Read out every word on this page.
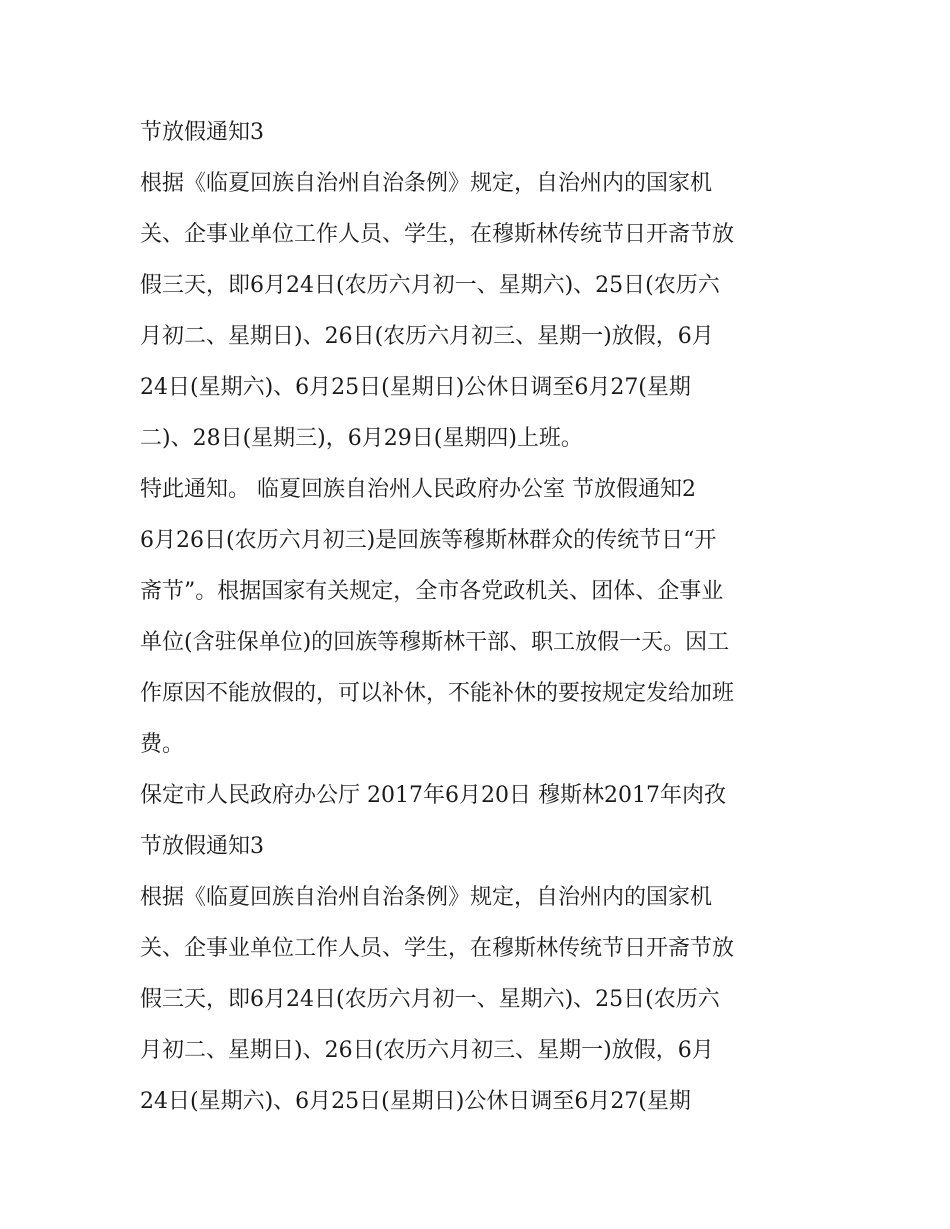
节放假通知3
根据《临夏回族自治州自治条例》规定，自治州内的国家机
关、企事业单位工作人员、学生，在穆斯林传统节日开斋节放
假三天，即6月24日(农历六月初一、星期六)、25日(农历六
月初二、星期日)、26日(农历六月初三、星期一)放假，6月
24日(星期六)、6月25日(星期日)公休日调至6月27(星期
二)、28日(星期三)，6月29日(星期四)上班。
特此通知。 临夏回族自治州人民政府办公室 节放假通知2
6月26日(农历六月初三)是回族等穆斯林群众的传统节日“开
斋节”。根据国家有关规定，全市各党政机关、团体、企事业
单位(含驻保单位)的回族等穆斯林干部、职工放假一天。因工
作原因不能放假的，可以补休，不能补休的要按规定发给加班
费。
保定市人民政府办公厅 2017年6月20日 穆斯林2017年肉孜
节放假通知3
根据《临夏回族自治州自治条例》规定，自治州内的国家机
关、企事业单位工作人员、学生，在穆斯林传统节日开斋节放
假三天，即6月24日(农历六月初一、星期六)、25日(农历六
月初二、星期日)、26日(农历六月初三、星期一)放假，6月
24日(星期六)、6月25日(星期日)公休日调至6月27(星期
